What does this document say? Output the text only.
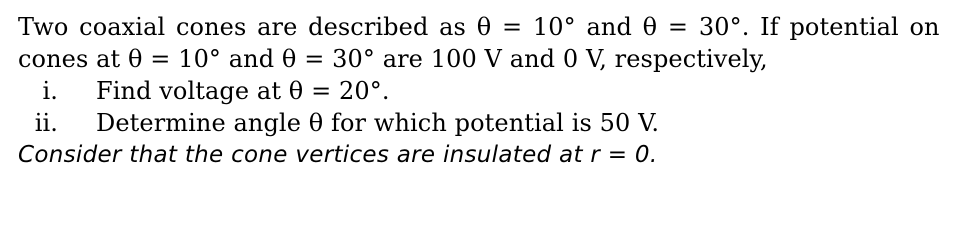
Two coaxial cones are described as θ = 10° and θ = 30°. If potential on
cones at θ = 10° and θ = 30° are 100 V and 0 V, respectively,
i. Find voltage at θ = 20°.
ii. Determine angle θ for which potential is 50 V.
Consider that the cone vertices are insulated at r = 0.
